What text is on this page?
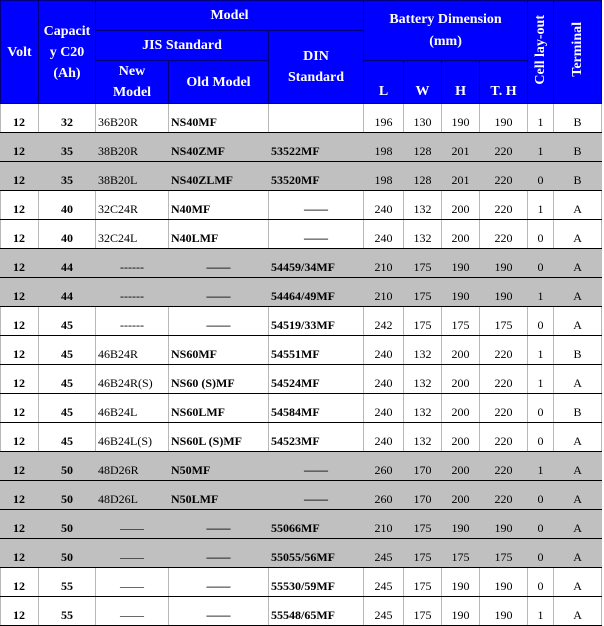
Volt	Capacit y C20 (Ah)	Model			Battery Dimension (mm)				Cell lay-out	Terminal
		JIS Standard		DIN Standard						
		New Model	Old Model		L	W	H	T. H		
12	32	36B20R	NS40MF		196	130	190	190	1	B
12	35	38B20R	NS40ZMF	53522MF	198	128	201	220	1	B
12	35	38B20L	NS40ZLMF	53520MF	198	128	201	220	0	B
12	40	32C24R	N40MF	——	240	132	200	220	1	A
12	40	32C24L	N40LMF	——	240	132	200	220	0	A
12	44	------	——	54459/34MF	210	175	190	190	0	A
12	44	------	——	54464/49MF	210	175	190	190	1	A
12	45	------	——	54519/33MF	242	175	175	175	0	A
12	45	46B24R	NS60MF	54551MF	240	132	200	220	1	B
12	45	46B24R(S)	NS60 (S)MF	54524MF	240	132	200	220	1	A
12	45	46B24L	NS60LMF	54584MF	240	132	200	220	0	B
12	45	46B24L(S)	NS60L (S)MF	54523MF	240	132	200	220	0	A
12	50	48D26R	N50MF	——	260	170	200	220	1	A
12	50	48D26L	N50LMF	——	260	170	200	220	0	A
12	50	——	——	55066MF	210	175	190	190	0	A
12	50	——	——	55055/56MF	245	175	175	175	0	A
12	55	——	——	55530/59MF	245	175	190	190	0	A
12	55	——	——	55548/65MF	245	175	190	190	1	A
